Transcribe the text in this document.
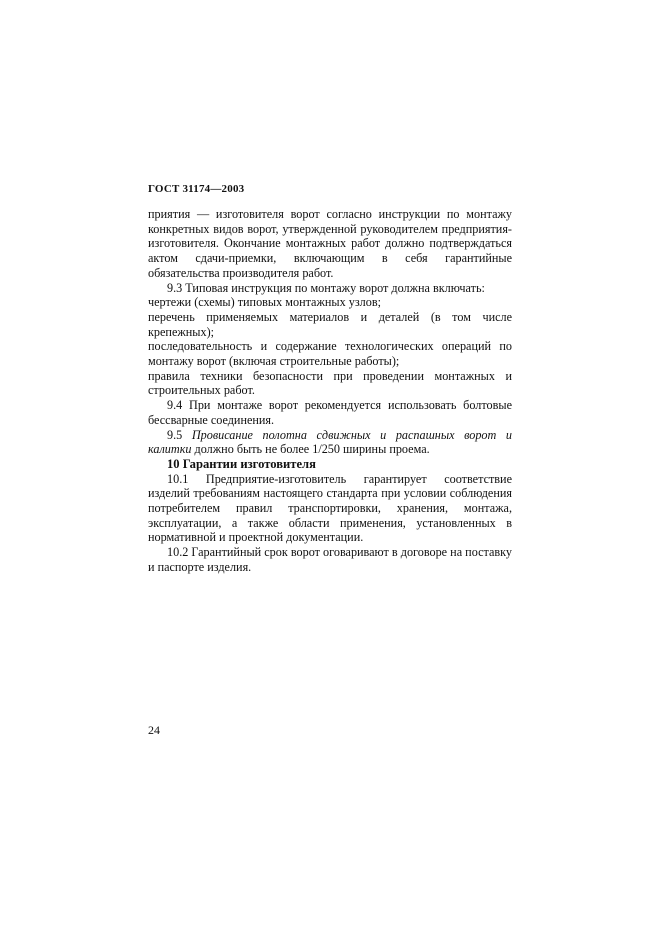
ГОСТ 31174—2003

приятия — изготовителя ворот согласно инструкции по монтажу конкретных видов ворот, утвержденной руководителем предприятия-изготовителя. Окончание монтажных работ должно подтверждаться актом сдачи-приемки, включающим в себя гарантийные обязательства производителя работ.

9.3 Типовая инструкция по монтажу ворот должна включать:

чертежи (схемы) типовых монтажных узлов;

перечень применяемых материалов и деталей (в том числе крепежных);

последовательность и содержание технологических операций по монтажу ворот (включая строительные работы);

правила техники безопасности при проведении монтажных и строительных работ.

9.4 При монтаже ворот рекомендуется использовать болтовые бессварные соединения.

9.5 Провисание полотна сдвижных и распашных ворот и калитки должно быть не более 1/250 ширины проема.

10 Гарантии изготовителя

10.1 Предприятие-изготовитель гарантирует соответствие изделий требованиям настоящего стандарта при условии соблюдения потребителем правил транспортировки, хранения, монтажа, эксплуатации, а также области применения, установленных в нормативной и проектной документации.

10.2 Гарантийный срок ворот оговаривают в договоре на поставку и паспорте изделия.

24
